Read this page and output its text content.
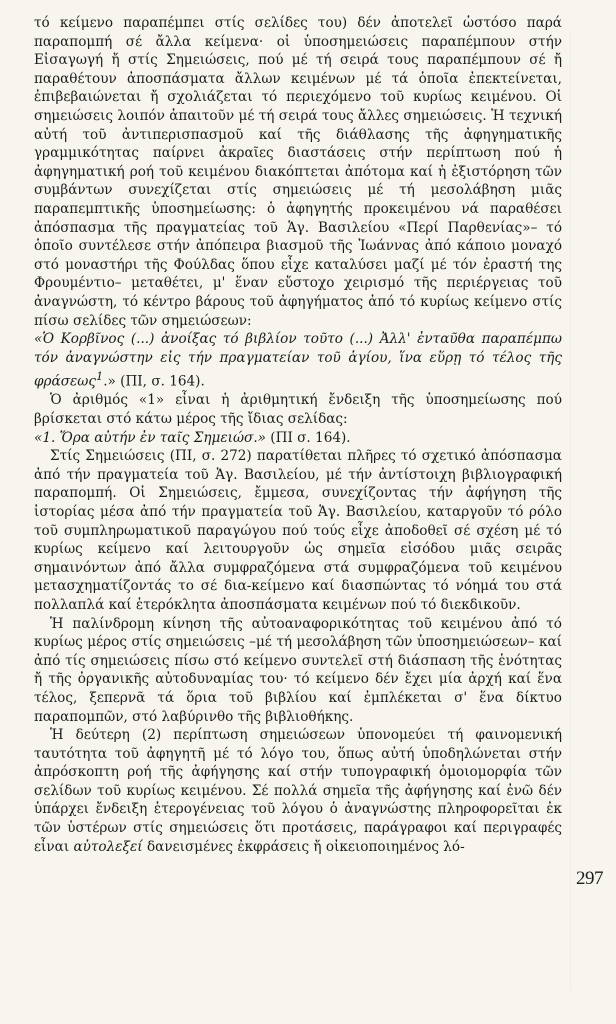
τό κείμενο παραπέμπει στίς σελίδες του) δέν ἀποτελεῖ ὡστόσο παρά παραπομπή σέ ἄλλα κείμενα· οἱ ὑποσημειώσεις παραπέμπουν στήν Εἰσαγωγή ἤ στίς Σημειώσεις, πού μέ τή σειρά τους παραπέμπουν σέ ἤ παραθέτουν ἀποσπάσματα ἄλλων κειμένων μέ τά ὁποῖα ἐπεκτείνεται, ἐπιβεβαιώνεται ἤ σχολιάζεται τό περιεχόμενο τοῦ κυρίως κειμένου. Οἱ σημειώσεις λοιπόν ἀπαιτοῦν μέ τή σειρά τους ἄλλες σημειώσεις. Ἡ τεχνική αὐτή τοῦ ἀντιπερισπασμοῦ καί τῆς διάθλασης τῆς ἀφηγηματικῆς γραμμικότητας παίρνει ἀκραῖες διαστάσεις στήν περίπτωση πού ἡ ἀφηγηματική ροή τοῦ κειμένου διακόπτεται ἀπότομα καί ἡ ἐξιστόρηση τῶν συμβάντων συνεχίζεται στίς σημειώσεις μέ τή μεσολάβηση μιᾶς παραπεμπτικῆς ὑποσημείωσης: ὁ ἀφηγητής προκειμένου νά παραθέσει ἀπόσπασμα τῆς πραγματείας τοῦ Ἁγ. Βασιλείου «Περί Παρθενίας»– τό ὁποῖο συντέλεσε στήν ἀπόπειρα βιασμοῦ τῆς Ἰωάννας ἀπό κάποιο μοναχό στό μοναστήρι τῆς Φούλδας ὅπου εἶχε καταλύσει μαζί μέ τόν ἐραστή της Φρουμέντιο– μεταθέτει, μ' ἕναν εὔστοχο χειρισμό τῆς περιέργειας τοῦ ἀναγνώστη, τό κέντρο βάρους τοῦ ἀφηγήματος ἀπό τό κυρίως κείμενο στίς πίσω σελίδες τῶν σημειώσεων:

«Ὁ Κορβῖνος (...) ἀνοίξας τό βιβλίον τοῦτο (...) Ἀλλ' ἐνταῦθα παραπέμπω τόν ἀναγνώστην εἰς τήν πραγματείαν τοῦ ἁγίου, ἵνα εὕρῃ τό τέλος τῆς φράσεως$^1$.» (ΠΙ, σ. 164).

Ὁ ἀριθμός «1» εἶναι ἡ ἀριθμητική ἔνδειξη τῆς ὑποσημείωσης πού βρίσκεται στό κάτω μέρος τῆς ἴδιας σελίδας:

«1. Ὅρα αὐτήν ἐν ταῖς Σημειώσ.» (ΠΙ σ. 164).

Στίς Σημειώσεις (ΠΙ, σ. 272) παρατίθεται πλῆρες τό σχετικό ἀπόσπασμα ἀπό τήν πραγματεία τοῦ Ἁγ. Βασιλείου, μέ τήν ἀντίστοιχη βιβλιογραφική παραπομπή. Οἱ Σημειώσεις, ἔμμεσα, συνεχίζοντας τήν ἀφήγηση τῆς ἱστορίας μέσα ἀπό τήν πραγματεία τοῦ Ἁγ. Βασιλείου, καταργοῦν τό ρόλο τοῦ συμπληρωματικοῦ παραγώγου πού τούς εἶχε ἀποδοθεῖ σέ σχέση μέ τό κυρίως κείμενο καί λειτουργοῦν ὡς σημεῖα εἰσόδου μιᾶς σειρᾶς σημαινόντων ἀπό ἄλλα συμφραζόμενα στά συμφραζόμενα τοῦ κειμένου μετασχηματίζοντάς το σέ δια-κείμενο καί διασπώντας τό νόημά του στά πολλαπλά καί ἑτερόκλητα ἀποσπάσματα κειμένων πού τό διεκδικοῦν.

Ἡ παλίνδρομη κίνηση τῆς αὐτοαναφορικότητας τοῦ κειμένου ἀπό τό κυρίως μέρος στίς σημειώσεις –μέ τή μεσολάβηση τῶν ὑποσημειώσεων– καί ἀπό τίς σημειώσεις πίσω στό κείμενο συντελεῖ στή διάσπαση τῆς ἑνότητας ἤ τῆς ὀργανικῆς αὐτοδυναμίας του· τό κείμενο δέν ἔχει μία ἀρχή καί ἕνα τέλος, ξεπερνᾶ τά ὅρια τοῦ βιβλίου καί ἐμπλέκεται σ' ἕνα δίκτυο παραπομπῶν, στό λαβύρινθο τῆς βιβλιοθήκης.

Ἡ δεύτερη (2) περίπτωση σημειώσεων ὑπονομεύει τή φαινομενική ταυτότητα τοῦ ἀφηγητῆ μέ τό λόγο του, ὅπως αὐτή ὑποδηλώνεται στήν ἀπρόσκοπτη ροή τῆς ἀφήγησης καί στήν τυπογραφική ὁμοιομορφία τῶν σελίδων τοῦ κυρίως κειμένου. Σέ πολλά σημεῖα τῆς ἀφήγησης καί ἐνῶ δέν ὑπάρχει ἔνδειξη ἑτερογένειας τοῦ λόγου ὁ ἀναγνώστης πληροφορεῖται ἐκ τῶν ὑστέρων στίς σημειώσεις ὅτι προτάσεις, παράγραφοι καί περιγραφές εἶναι αὐτολεξεί δανεισμένες ἐκφράσεις ἤ οἰκειοποιημένος λό-

297
